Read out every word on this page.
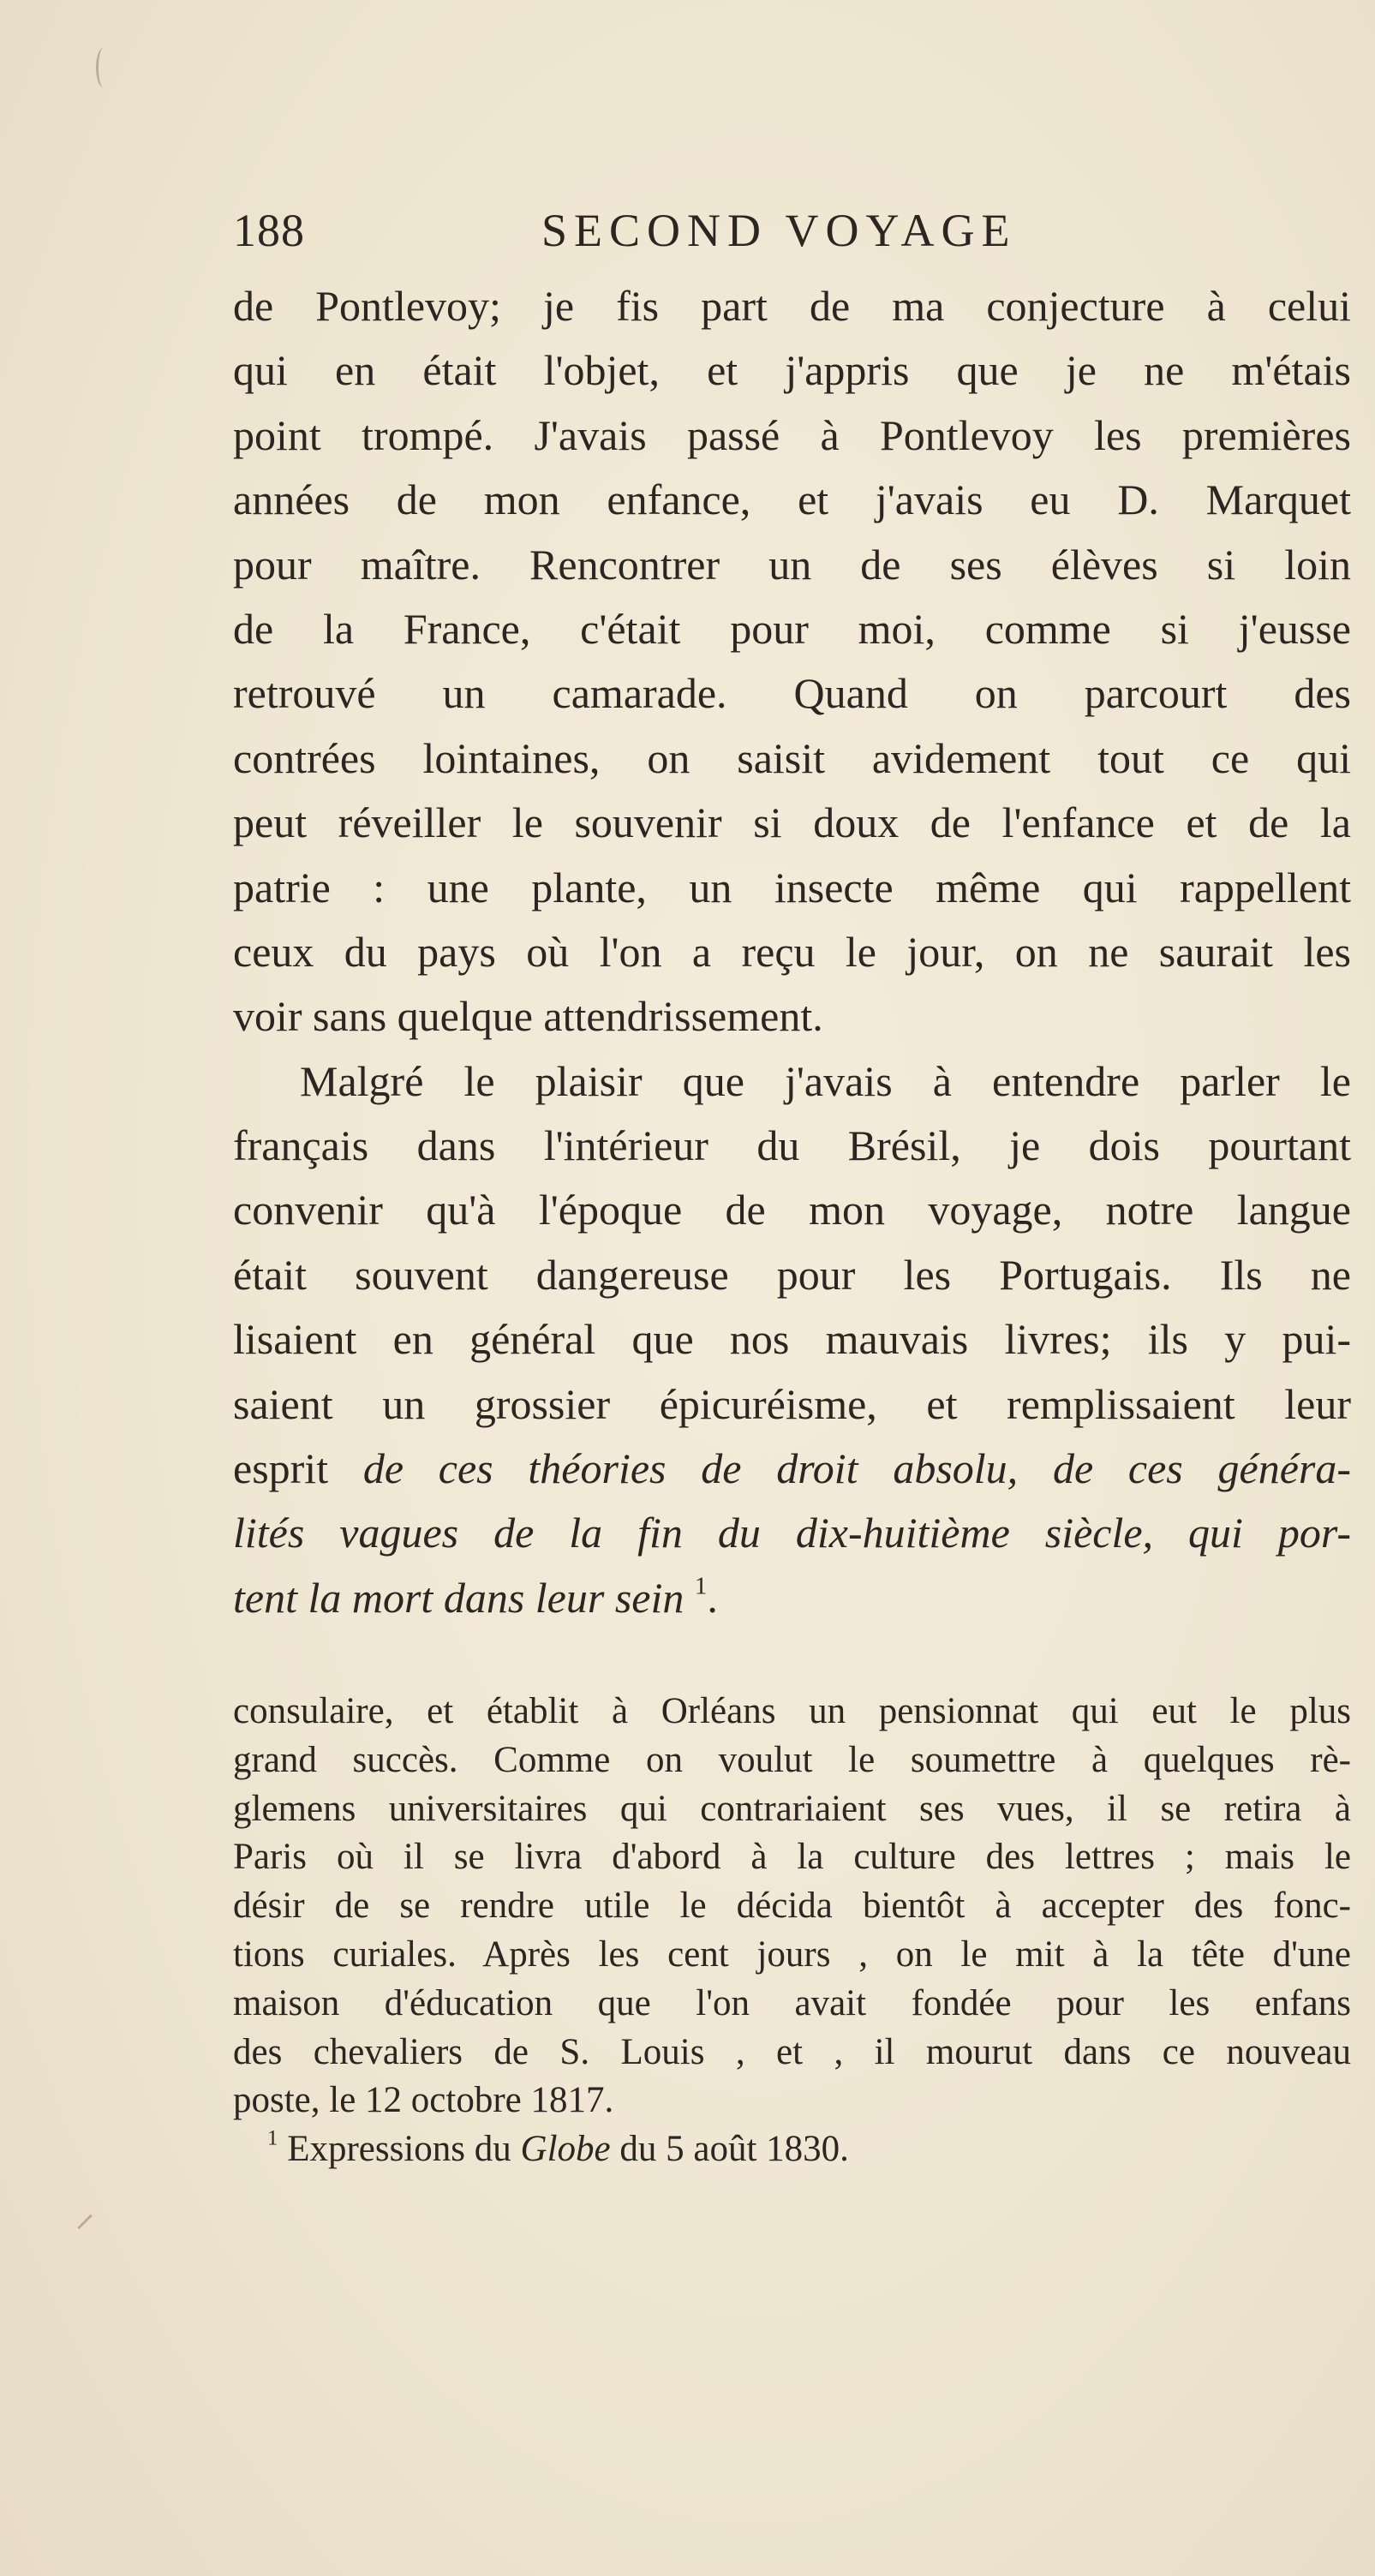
188	SECOND VOYAGE
de Pontlevoy; je fis part de ma conjecture à celui
qui en était l'objet, et j'appris que je ne m'étais
point trompé. J'avais passé à Pontlevoy les premières
années de mon enfance, et j'avais eu D. Marquet
pour maître. Rencontrer un de ses élèves si loin
de la France, c'était pour moi, comme si j'eusse
retrouvé un camarade. Quand on parcourt des
contrées lointaines, on saisit avidement tout ce qui
peut réveiller le souvenir si doux de l'enfance et de la
patrie : une plante, un insecte même qui rappellent
ceux du pays où l'on a reçu le jour, on ne saurait les
voir sans quelque attendrissement.
Malgré le plaisir que j'avais à entendre parler le
français dans l'intérieur du Brésil, je dois pourtant
convenir qu'à l'époque de mon voyage, notre langue
était souvent dangereuse pour les Portugais. Ils ne
lisaient en général que nos mauvais livres; ils y pui-
saient un grossier épicuréisme, et remplissaient leur
esprit de ces théories de droit absolu, de ces généra-
lités vagues de la fin du dix-huitième siècle, qui por-
tent la mort dans leur sein $^1$.
consulaire, et établit à Orléans un pensionnat qui eut le plus
grand succès. Comme on voulut le soumettre à quelques rè-
glemens universitaires qui contrariaient ses vues, il se retira à
Paris où il se livra d'abord à la culture des lettres ; mais le
désir de se rendre utile le décida bientôt à accepter des fonc-
tions curiales. Après les cent jours , on le mit à la tête d'une
maison d'éducation que l'on avait fondée pour les enfans
des chevaliers de S. Louis , et , il mourut dans ce nouveau
poste, le 12 octobre 1817.
$^1$ Expressions du Globe du 5 août 1830.
